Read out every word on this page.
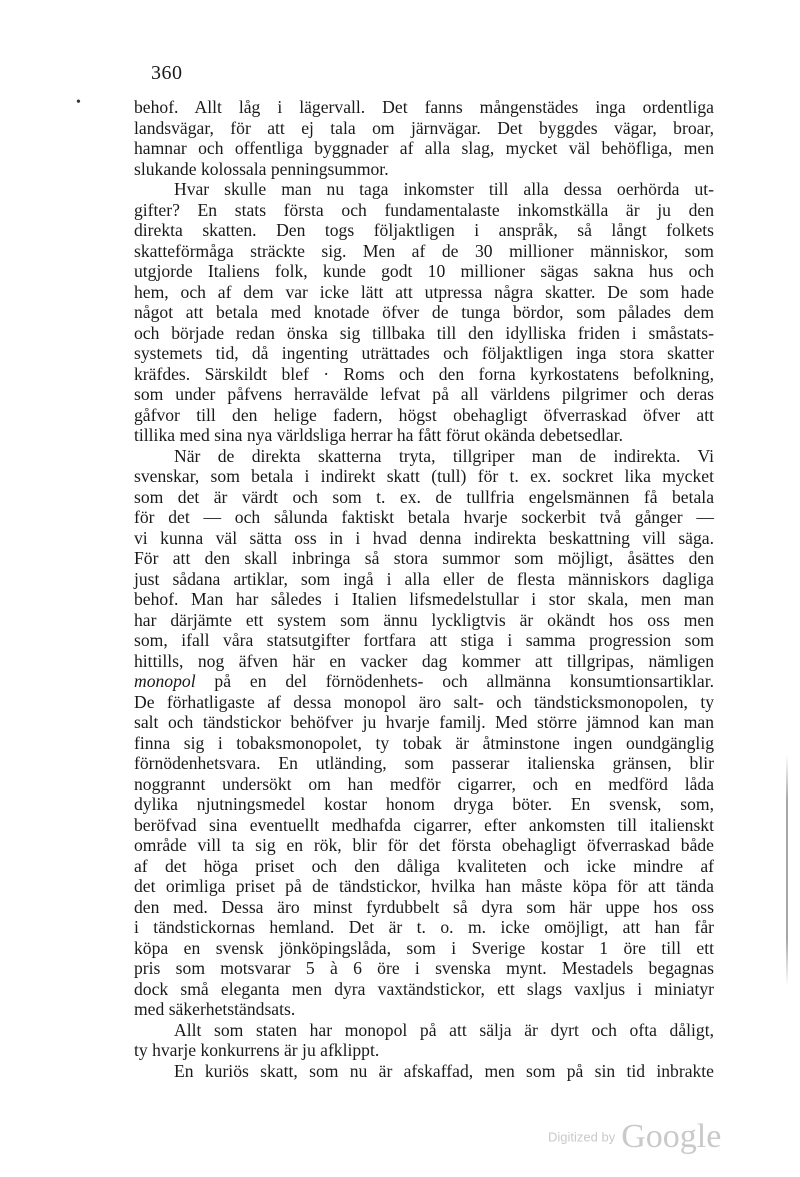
360
•	behof. Allt låg i lägervall. Det fanns mångenstädes inga ordentliga
landsvägar, för att ej tala om järnvägar. Det byggdes vägar, broar,
hamnar och offentliga byggnader af alla slag, mycket väl behöfliga, men
slukande kolossala penningsummor.
Hvar skulle man nu taga inkomster till alla dessa oerhörda ut-
gifter? En stats första och fundamentalaste inkomstkälla är ju den
direkta skatten. Den togs följaktligen i anspråk, så långt folkets
skatteförmåga sträckte sig. Men af de 30 millioner människor, som
utgjorde Italiens folk, kunde godt 10 millioner sägas sakna hus och
hem, och af dem var icke lätt att utpressa några skatter. De som hade
något att betala med knotade öfver de tunga bördor, som pålades dem
och började redan önska sig tillbaka till den idylliska friden i småstats-
systemets tid, då ingenting uträttades och följaktligen inga stora skatter
kräfdes. Särskildt blef · Roms och den forna kyrkostatens befolkning,
som under påfvens herravälde lefvat på all världens pilgrimer och deras
gåfvor till den helige fadern, högst obehagligt öfverraskad öfver att
tillika med sina nya världsliga herrar ha fått förut okända debetsedlar.
När de direkta skatterna tryta, tillgriper man de indirekta. Vi
svenskar, som betala i indirekt skatt (tull) för t. ex. sockret lika mycket
som det är värdt och som t. ex. de tullfria engelsmännen få betala
för det — och sålunda faktiskt betala hvarje sockerbit två gånger —
vi kunna väl sätta oss in i hvad denna indirekta beskattning vill säga.
För att den skall inbringa så stora summor som möjligt, åsättes den
just sådana artiklar, som ingå i alla eller de flesta människors dagliga
behof. Man har således i Italien lifsmedelstullar i stor skala, men man
har därjämte ett system som ännu lyckligtvis är okändt hos oss men
som, ifall våra statsutgifter fortfara att stiga i samma progression som
hittills, nog äfven här en vacker dag kommer att tillgripas, nämligen
monopol på en del förnödenhets- och allmänna konsumtionsartiklar.
De förhatligaste af dessa monopol äro salt- och tändsticksmonopolen, ty
salt och tändstickor behöfver ju hvarje familj. Med större jämnod kan man
finna sig i tobaksmonopolet, ty tobak är åtminstone ingen oundgänglig
förnödenhetsvara. En utländing, som passerar italienska gränsen, blir
noggrannt undersökt om han medför cigarrer, och en medförd låda
dylika njutningsmedel kostar honom dryga böter. En svensk, som,
beröfvad sina eventuellt medhafda cigarrer, efter ankomsten till italienskt
område vill ta sig en rök, blir för det första obehagligt öfverraskad både
af det höga priset och den dåliga kvaliteten och icke mindre af
det orimliga priset på de tändstickor, hvilka han måste köpa för att tända
den med. Dessa äro minst fyrdubbelt så dyra som här uppe hos oss
i tändstickornas hemland. Det är t. o. m. icke omöjligt, att han får
köpa en svensk jönköpingslåda, som i Sverige kostar 1 öre till ett
pris som motsvarar 5 à 6 öre i svenska mynt. Mestadels begagnas
dock små eleganta men dyra vaxtändstickor, ett slags vaxljus i miniatyr
med säkerhetständsats.
Allt som staten har monopol på att sälja är dyrt och ofta dåligt,
ty hvarje konkurrens är ju afklippt.
En kuriös skatt, som nu är afskaffad, men som på sin tid inbrakte
Digitized by Google
